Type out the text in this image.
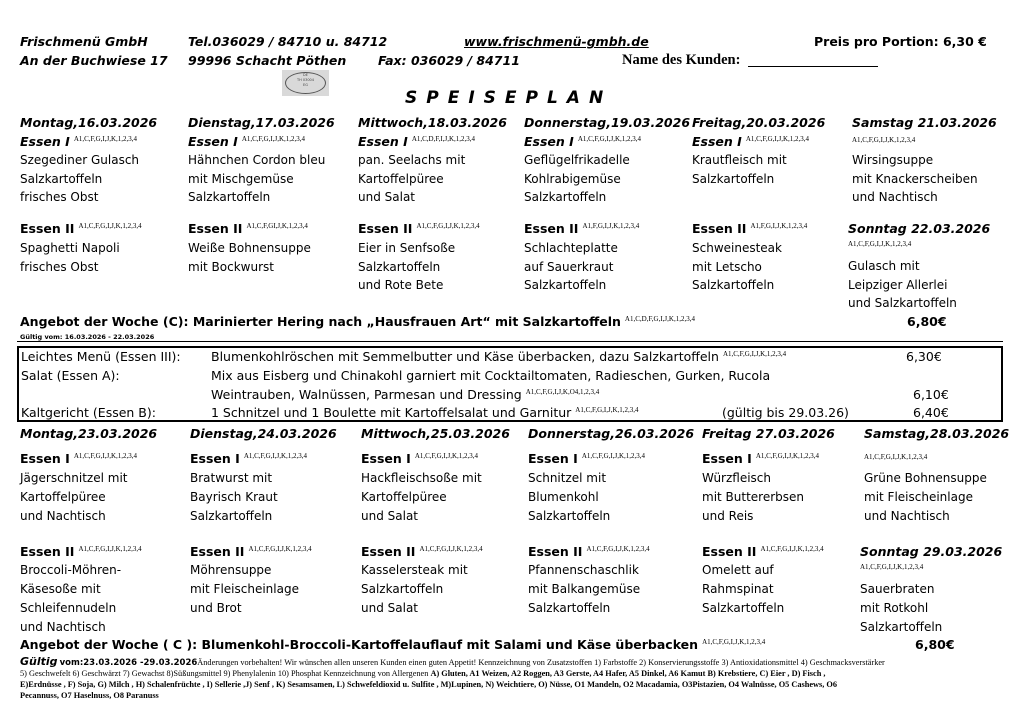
Frischmenü GmbH
An der Buchwiese 17
Tel.036029 / 84710 u. 84712
99996 Schacht Pöthen
www.frischmenü-gmbh.de
Fax: 036029 / 84711
Preis pro Portion: 6,30 €
Name des Kunden:
DE
TH 03004
EG
SPEISEPLAN
Montag,16.03.2026
Essen I $^{A1,C,F,G,I,J,K,1,2,3,4}$
Szegediner Gulasch
Salzkartoffeln
frisches Obst
Essen II $^{A1,C,F,G,I,J,K,1,2,3,4}$
Spaghetti Napoli
frisches Obst
Dienstag,17.03.2026
Essen I $^{A1,C,F,G,I,J,K,1,2,3,4}$
Hähnchen Cordon bleu
mit Mischgemüse
Salzkartoffeln
Essen II $^{A1,C,F,GI,J,K,1,2,3,4}$
Weiße Bohnensuppe
mit Bockwurst
Mittwoch,18.03.2026
Essen I $^{A1,C,D,F,I,J,K,1,2,3,4}$
pan. Seelachs mit
Kartoffelpüree
und Salat
Essen II $^{A1,C,F,G,I,J,K,1,2,3,4}$
Eier in Senfsoße
Salzkartoffeln
und Rote Bete
Donnerstag,19.03.2026
Essen I $^{A1,C,F,G,I,J,K,1,2,3,4}$
Geflügelfrikadelle
Kohlrabigemüse
Salzkartoffeln
Essen II $^{A1,F,G,I,J,K,1,2,3,4}$
Schlachteplatte
auf Sauerkraut
Salzkartoffeln
Freitag,20.03.2026
Essen I $^{A1,C,F,G,I,J,K,1,2,3,4}$
Krautfleisch mit
Salzkartoffeln
Essen II $^{A1,F,G,I,J,K,1,2,3,4}$
Schweinesteak
mit Letscho
Salzkartoffeln
Samstag 21.03.2026
A1,C,F,G,I,J,K,1,2,3,4
Wirsingsuppe
mit Knackerscheiben
und Nachtisch
Sonntag 22.03.2026
A1,C,F,G,I,J,K,1,2,3,4
Gulasch mit
Leipziger Allerlei
und Salzkartoffeln
Angebot der Woche (C): Marinierter Hering nach „Hausfrauen Art“ mit Salzkartoffeln $^{A1,C,D,F,G,I,J,K,1,2,3,4}$	6,80€
Gültig vom: 16.03.2026 - 22.03.2026
Leichtes Menü (Essen III): Blumenkohlröschen mit Semmelbutter und Käse überbacken, dazu Salzkartoffeln $^{A1,C,F,G,I,J,K,1,2,3,4}$	6,30€
Salat (Essen A):	Mix aus Eisberg und Chinakohl garniert mit Cocktailtomaten, Radieschen, Gurken, Rucola
Weintrauben, Walnüssen, Parmesan und Dressing $^{A1,C,F,G,I,J,K,O4,1,2,3,4}$	6,10€
Kaltgericht (Essen B):	1 Schnitzel und 1 Boulette mit Kartoffelsalat und Garnitur $^{A1,C,F,G,I,J,K,1,2,3,4}$	(gültig bis 29.03.26)	6,40€
Montag,23.03.2026
Essen I $^{A1,C,F,G,I,J,K,1,2,3,4}$
Jägerschnitzel mit
Kartoffelpüree
und Nachtisch
Essen II $^{A1,C,F,G,I,J,K,1,2,3,4}$
Broccoli-Möhren-
Käsesoße mit
Schleifennudeln
und Nachtisch
Dienstag,24.03.2026
Essen I $^{A1,C,F,G,I,J,K,1,2,3,4}$
Bratwurst mit
Bayrisch Kraut
Salzkartoffeln
Essen II $^{A1,C,F,G,I,J,K,1,2,3,4}$
Möhrensuppe
mit Fleischeinlage
und Brot
Mittwoch,25.03.2026
Essen I $^{A1,C,F,G,I,J,K,1,2,3,4}$
Hackfleischsoße mit
Kartoffelpüree
und Salat
Essen II $^{A1,C,F,G,I,J,K,1,2,3,4}$
Kasselersteak mit
Salzkartoffeln
und Salat
Donnerstag,26.03.2026
Essen I $^{A1,C,F,G,I,J,K,1,2,3,4}$
Schnitzel mit
Blumenkohl
Salzkartoffeln
Essen II $^{A1,C,F,G,I,J,K,1,2,3,4}$
Pfannenschaschlik
mit Balkangemüse
Salzkartoffeln
Freitag 27.03.2026
Essen I $^{A1,C,F,G,I,J,K,1,2,3,4}$
Würzfleisch
mit Buttererbsen
und Reis
Essen II $^{A1,C,F,G,I,J,K,1,2,3,4}$
Omelett auf
Rahmspinat
Salzkartoffeln
Samstag,28.03.2026
A1,C,F,G,I,J,K,1,2,3,4
Grüne Bohnensuppe
mit Fleischeinlage
und Nachtisch
Sonntag 29.03.2026
A1,C,F,G,I,J,K,1,2,3,4
Sauerbraten
mit Rotkohl
Salzkartoffeln
Angebot der Woche ( C ): Blumenkohl-Broccoli-Kartoffelauflauf mit Salami und Käse überbacken $^{A1,C,F,G,I,J,K,1,2,3,4}$	6,80€
Gültig vom:23.03.2026 -29.03.2026Änderungen vorbehalten! Wir wünschen allen unseren Kunden einen guten Appetit! Kennzeichnung von Zusatzstoffen 1) Farbstoffe 2) Konservierungsstoffe 3) Antioxidationsmittel 4) Geschmacksverstärker
5) Geschwefelt 6) Geschwärzt 7) Gewachst 8)Süßungsmittel 9) Phenylalenin 10) Phosphat Kennzeichnung von Allergenen A) Gluten, A1 Weizen, A2 Roggen, A3 Gerste, A4 Hafer, A5 Dinkel, A6 Kamut B) Krebstiere, C) Eier , D) Fisch ,
E)Erdnüsse , F) Soja, G) Milch , H) Schalenfrüchte , I) Sellerie ,J) Senf , K) Sesamsamen, L) Schwefeldioxid u. Sulfite , M)Lupinen, N) Weichtiere, O) Nüsse, O1 Mandeln, O2 Macadamia, O3Pistazien, O4 Walnüsse, O5 Cashews, O6
Pecannuss, O7 Haselnuss, O8 Paranuss
